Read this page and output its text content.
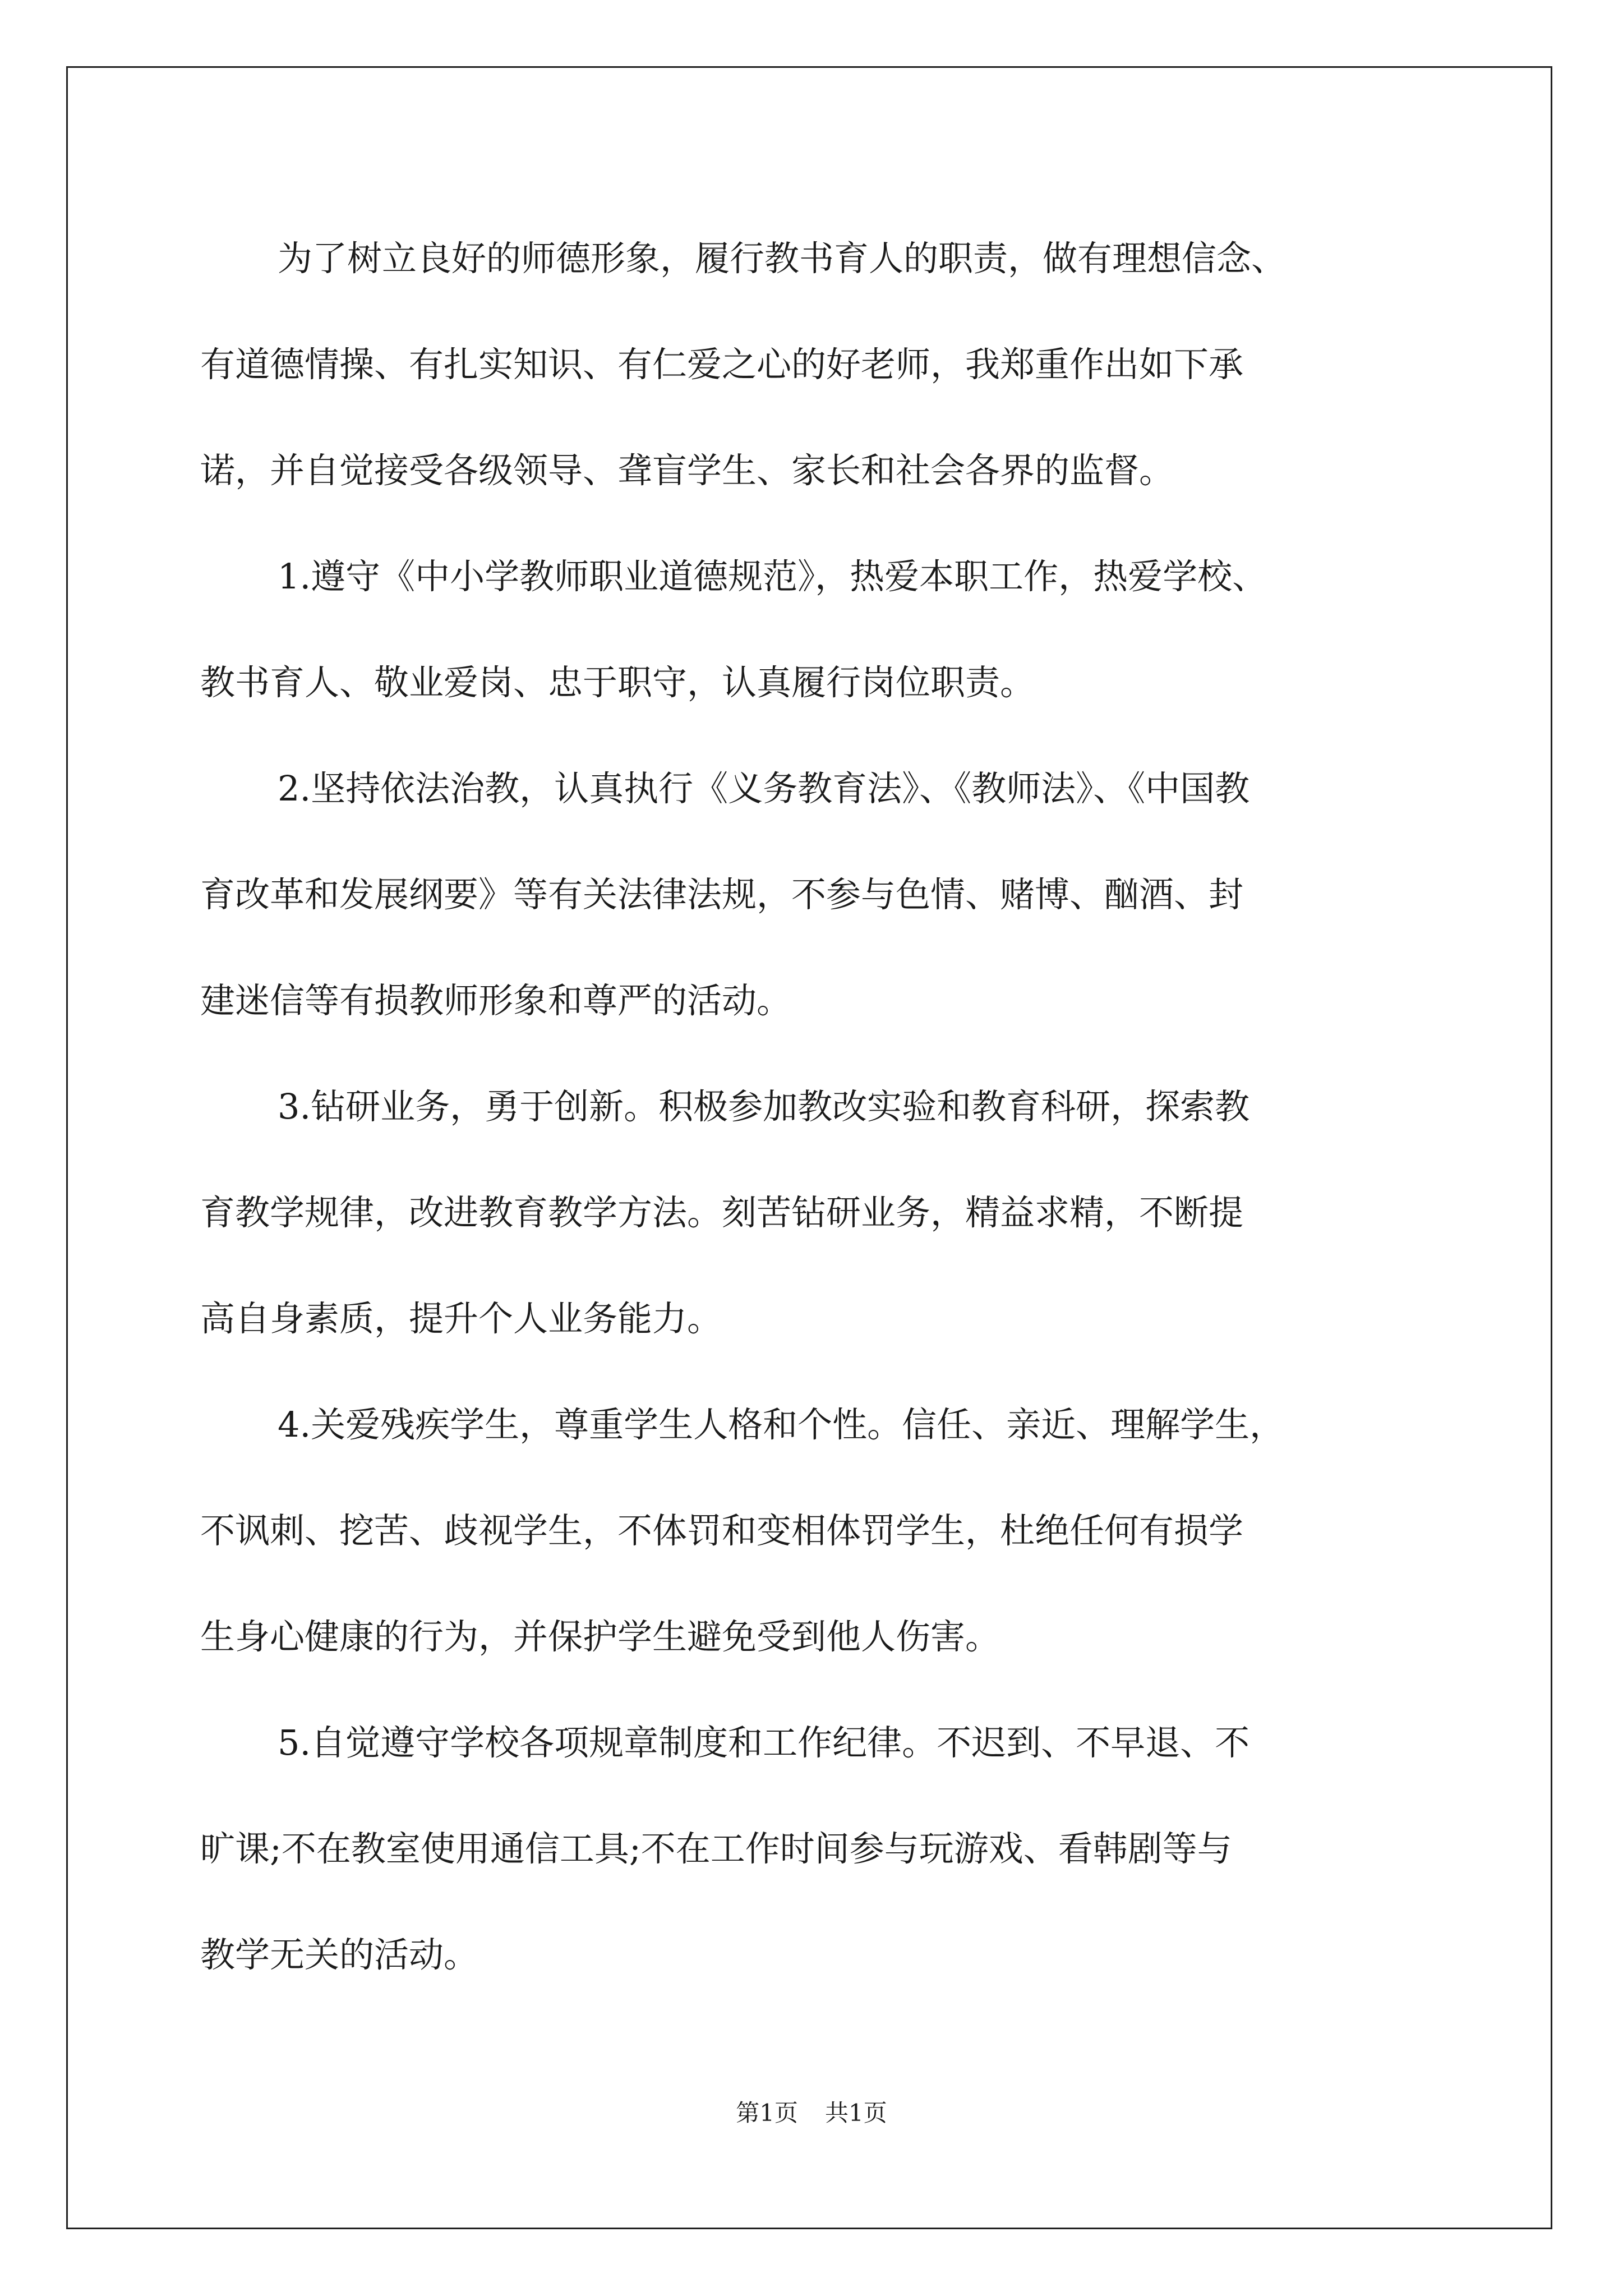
为了树立良好的师德形象，履行教书育人的职责，做有理想信念、
有道德情操、有扎实知识、有仁爱之心的好老师，我郑重作出如下承
诺，并自觉接受各级领导、聋盲学生、家长和社会各界的监督。
1.遵守《中小学教师职业道德规范》，热爱本职工作，热爱学校、
教书育人、敬业爱岗、忠于职守，认真履行岗位职责。
2.坚持依法治教，认真执行《义务教育法》、《教师法》、《中国教
育改革和发展纲要》等有关法律法规，不参与色情、赌博、酗酒、封
建迷信等有损教师形象和尊严的活动。
3.钻研业务，勇于创新。积极参加教改实验和教育科研，探索教
育教学规律，改进教育教学方法。刻苦钻研业务，精益求精，不断提
高自身素质，提升个人业务能力。
4.关爱残疾学生，尊重学生人格和个性。信任、亲近、理解学生，
不讽刺、挖苦、歧视学生，不体罚和变相体罚学生，杜绝任何有损学
生身心健康的行为，并保护学生避免受到他人伤害。
5.自觉遵守学校各项规章制度和工作纪律。不迟到、不早退、不
旷课;不在教室使用通信工具;不在工作时间参与玩游戏、看韩剧等与
教学无关的活动。
第1页 共1页
